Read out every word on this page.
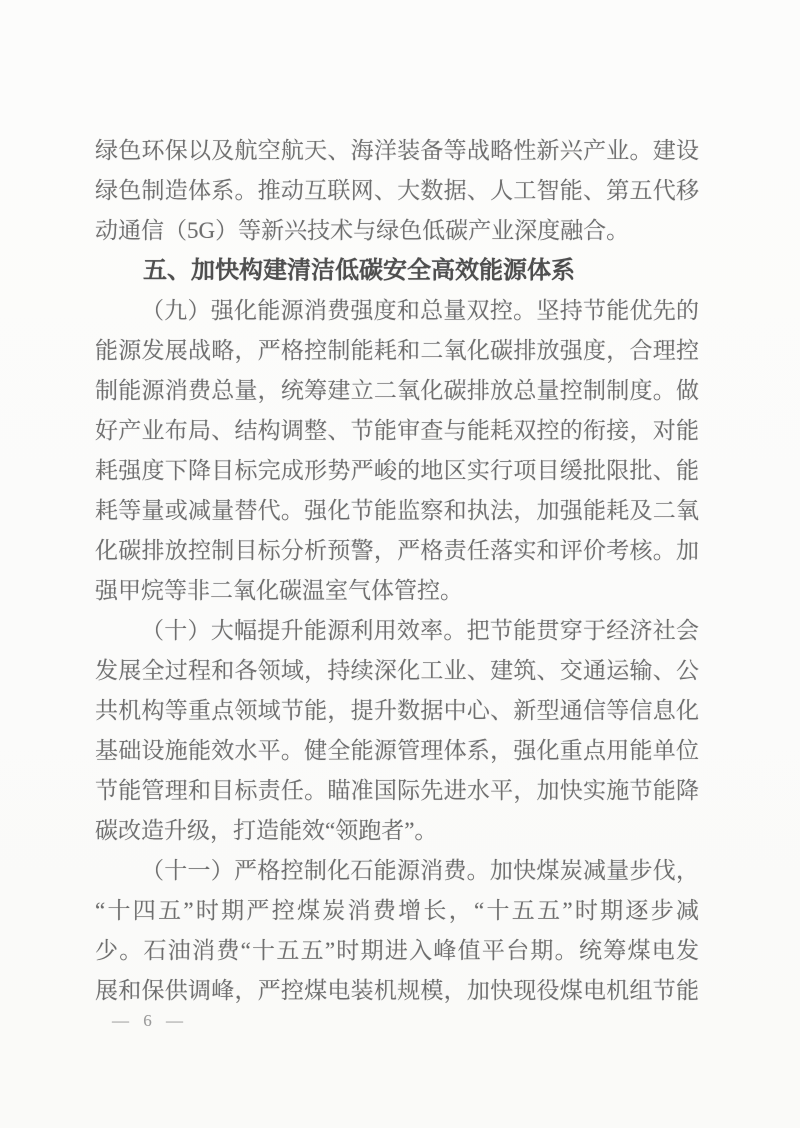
绿色环保以及航空航天、海洋装备等战略性新兴产业。建设

绿色制造体系。推动互联网、大数据、人工智能、第五代移

动通信（5G）等新兴技术与绿色低碳产业深度融合。

五、加快构建清洁低碳安全高效能源体系

（九）强化能源消费强度和总量双控。坚持节能优先的

能源发展战略，严格控制能耗和二氧化碳排放强度，合理控

制能源消费总量，统筹建立二氧化碳排放总量控制制度。做

好产业布局、结构调整、节能审查与能耗双控的衔接，对能

耗强度下降目标完成形势严峻的地区实行项目缓批限批、能

耗等量或减量替代。强化节能监察和执法，加强能耗及二氧

化碳排放控制目标分析预警，严格责任落实和评价考核。加

强甲烷等非二氧化碳温室气体管控。

（十）大幅提升能源利用效率。把节能贯穿于经济社会

发展全过程和各领域，持续深化工业、建筑、交通运输、公

共机构等重点领域节能，提升数据中心、新型通信等信息化

基础设施能效水平。健全能源管理体系，强化重点用能单位

节能管理和目标责任。瞄准国际先进水平，加快实施节能降

碳改造升级，打造能效“领跑者”。

（十一）严格控制化石能源消费。加快煤炭减量步伐，

“十四五”时期严控煤炭消费增长，“十五五”时期逐步减

少。石油消费“十五五”时期进入峰值平台期。统筹煤电发

展和保供调峰，严控煤电装机规模，加快现役煤电机组节能

— 6 —
